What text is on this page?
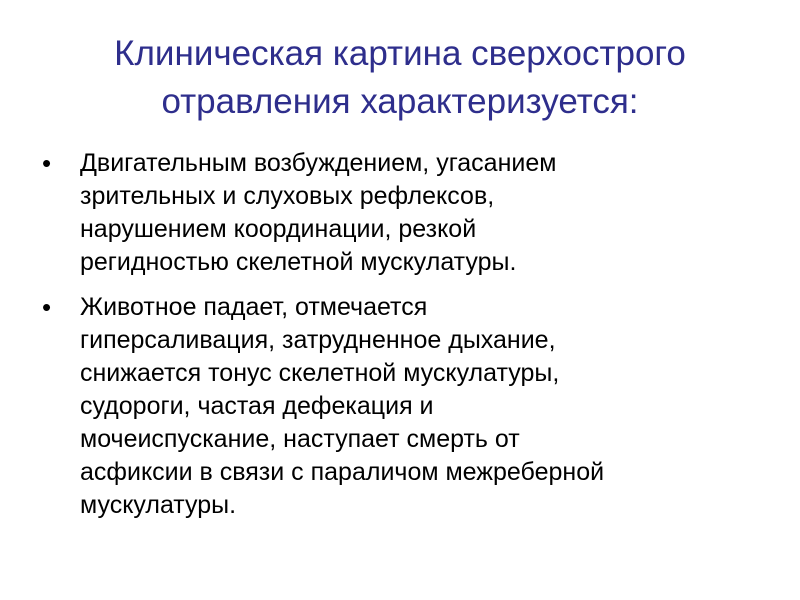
Клиническая картина сверхострого
отравления характеризуется:
• Двигательным возбуждением, угасанием
зрительных и слуховых рефлексов,
нарушением координации, резкой
регидностью скелетной мускулатуры.
• Животное падает, отмечается
гиперсаливация, затрудненное дыхание,
снижается тонус скелетной мускулатуры,
судороги, частая дефекация и
мочеиспускание, наступает смерть от
асфиксии в связи с параличом межреберной
мускулатуры.
